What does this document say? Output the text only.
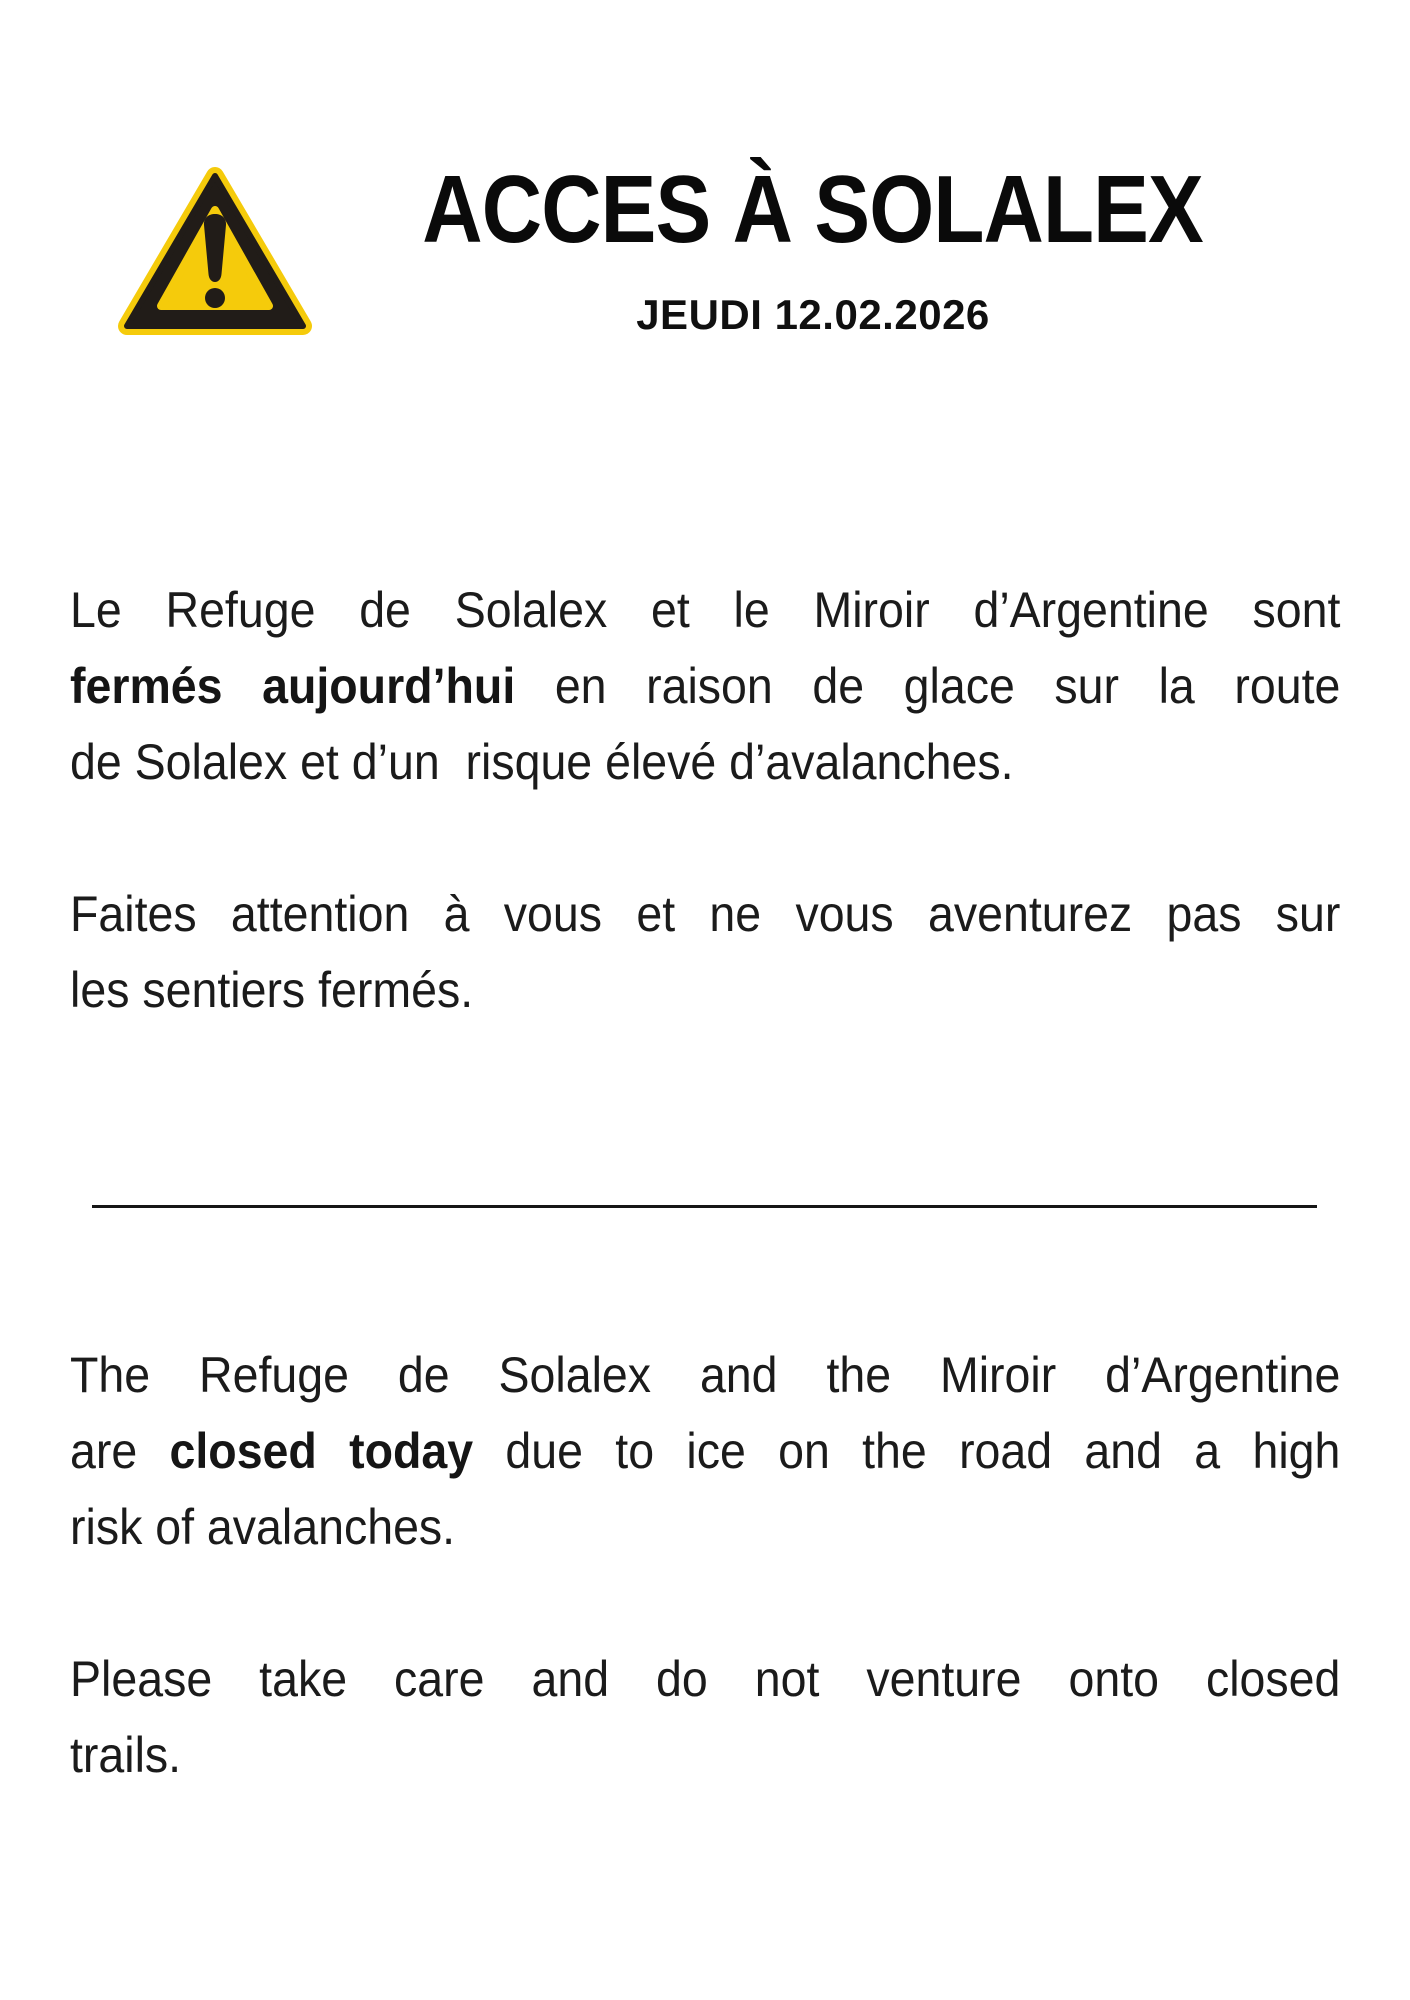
ACCES À SOLALEX
JEUDI 12.02.2026
Le Refuge de Solalex et le Miroir d’Argentine sont
fermés aujourd’hui en raison de glace sur la route
de Solalex et d’un  risque élevé d’avalanches.
Faites attention à vous et ne vous aventurez pas sur
les sentiers fermés.
The Refuge de Solalex and the Miroir d’Argentine
are closed today due to ice on the road and a high
risk of avalanches.
Please take care and do not venture onto closed
trails.
